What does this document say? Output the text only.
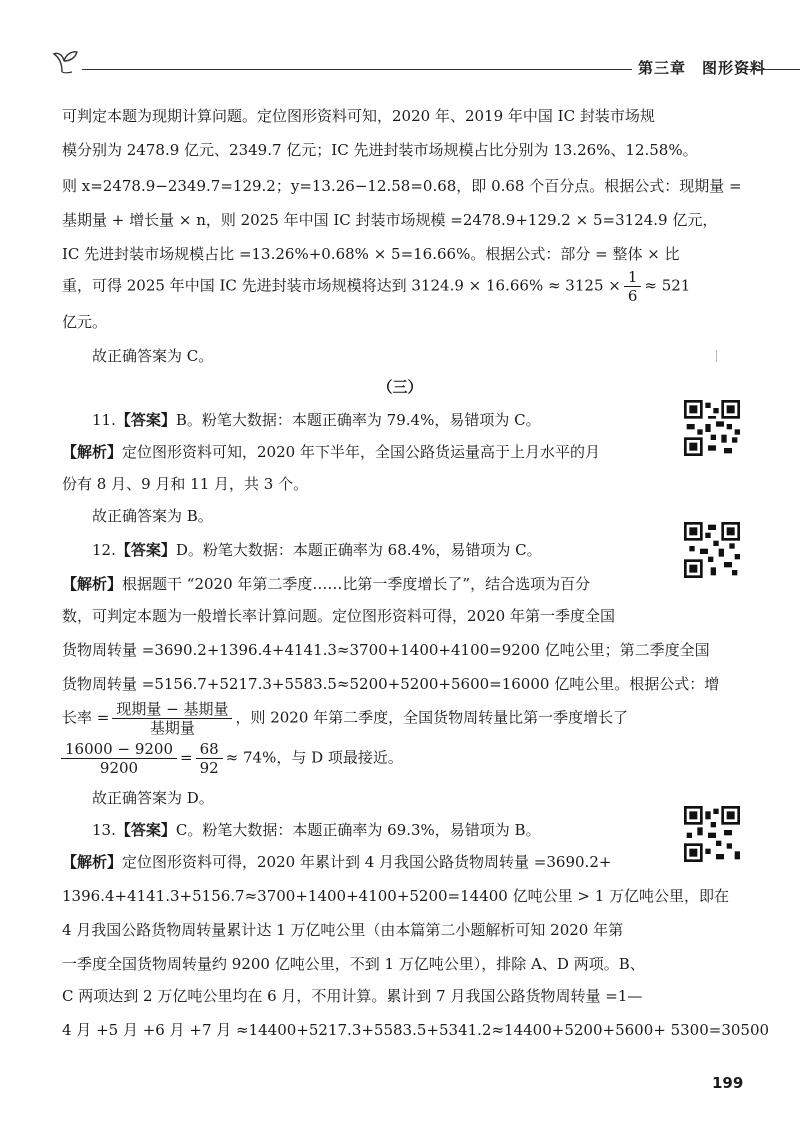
第三章　图形资料
可判定本题为现期计算问题。定位图形资料可知，2020 年、2019 年中国 IC 封装市场规
模分别为 2478.9 亿元、2349.7 亿元；IC 先进封装市场规模占比分别为 13.26%、12.58%。
则 x=2478.9−2349.7=129.2；y=13.26−12.58=0.68，即 0.68 个百分点。根据公式：现期量 =
基期量 + 增长量 × n，则 2025 年中国 IC 封装市场规模 =2478.9+129.2 × 5=3124.9 亿元，
IC 先进封装市场规模占比 =13.26%+0.68% × 5=16.66%。根据公式：部分 = 整体 × 比
重，可得 2025 年中国 IC 先进封装市场规模将达到 $3124.9 \times 16.66\% \approx 3125 \times \frac{1}{6} \approx 521$
亿元。
故正确答案为 C。
（三）
11.【答案】B。粉笔大数据：本题正确率为 79.4%，易错项为 C。
【解析】定位图形资料可知，2020 年下半年，全国公路货运量高于上月水平的月
份有 8 月、9 月和 11 月，共 3 个。
故正确答案为 B。
12.【答案】D。粉笔大数据：本题正确率为 68.4%，易错项为 C。
【解析】根据题干 “2020 年第二季度……比第一季度增长了”，结合选项为百分
数，可判定本题为一般增长率计算问题。定位图形资料可得，2020 年第一季度全国
货物周转量 =3690.2+1396.4+4141.3≈3700+1400+4100=9200 亿吨公里；第二季度全国
货物周转量 =5156.7+5217.3+5583.5≈5200+5200+5600=16000 亿吨公里。根据公式：增
长率 = $\frac{\text{现期量 − 基期量}}{\text{基期量}}$ ，则 2020 年第二季度，全国货物周转量比第一季度增长了
$\frac{16000 - 9200}{9200} = \frac{68}{92} \approx 74\%$，与 D 项最接近。
故正确答案为 D。
13.【答案】C。粉笔大数据：本题正确率为 69.3%，易错项为 B。
【解析】定位图形资料可得，2020 年累计到 4 月我国公路货物周转量 =3690.2+
1396.4+4141.3+5156.7≈3700+1400+4100+5200=14400 亿吨公里 > 1 万亿吨公里，即在
4 月我国公路货物周转量累计达 1 万亿吨公里（由本篇第二小题解析可知 2020 年第
一季度全国货物周转量约 9200 亿吨公里，不到 1 万亿吨公里），排除 A、D 两项。B、
C 两项达到 2 万亿吨公里均在 6 月，不用计算。累计到 7 月我国公路货物周转量 =1—
4 月 +5 月 +6 月 +7 月 ≈14400+5217.3+5583.5+5341.2≈14400+5200+5600+ 5300=30500
199
